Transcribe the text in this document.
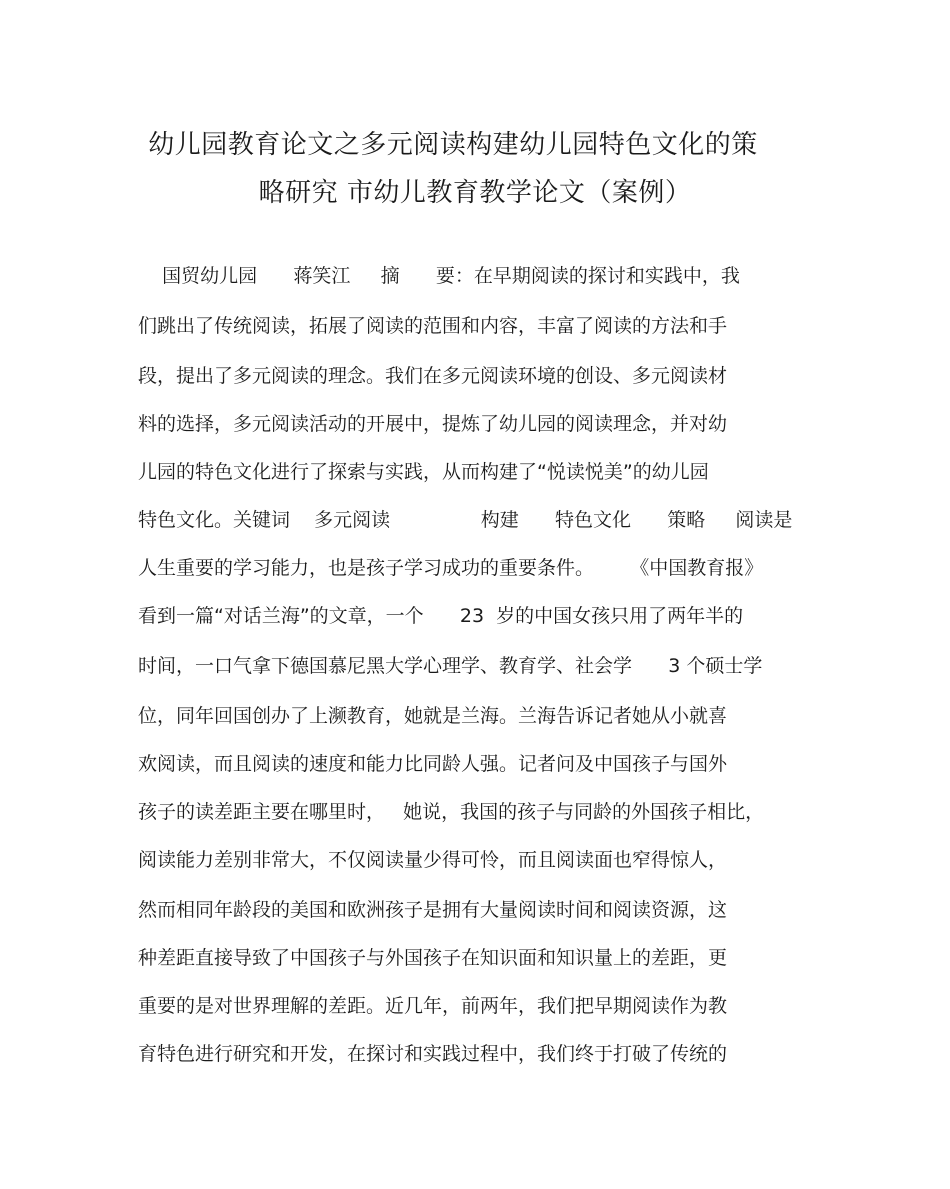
幼儿园教育论文之多元阅读构建幼儿园特色文化的策
略研究 市幼儿教育教学论文（案例）
国贸幼儿园      蒋笑江     摘      要：在早期阅读的探讨和实践中，我
们跳出了传统阅读，拓展了阅读的范围和内容，丰富了阅读的方法和手
段，提出了多元阅读的理念。我们在多元阅读环境的创设、多元阅读材
料的选择，多元阅读活动的开展中，提炼了幼儿园的阅读理念，并对幼
儿园的特色文化进行了探索与实践，从而构建了“悦读悦美”的幼儿园
特色文化。关键词    多元阅读               构建      特色文化      策略     阅读是
人生重要的学习能力，也是孩子学习成功的重要条件。      《中国教育报》
看到一篇“对话兰海”的文章，一个      23  岁的中国女孩只用了两年半的
时间，一口气拿下德国慕尼黑大学心理学、教育学、社会学      3 个硕士学
位，同年回国创办了上濒教育，她就是兰海。兰海告诉记者她从小就喜
欢阅读，而且阅读的速度和能力比同龄人强。记者问及中国孩子与国外
孩子的读差距主要在哪里时，   她说，我国的孩子与同龄的外国孩子相比，
阅读能力差别非常大，不仅阅读量少得可怜，而且阅读面也窄得惊人，
然而相同年龄段的美国和欧洲孩子是拥有大量阅读时间和阅读资源，这
种差距直接导致了中国孩子与外国孩子在知识面和知识量上的差距，更
重要的是对世界理解的差距。近几年，前两年，我们把早期阅读作为教
育特色进行研究和开发，在探讨和实践过程中，我们终于打破了传统的
